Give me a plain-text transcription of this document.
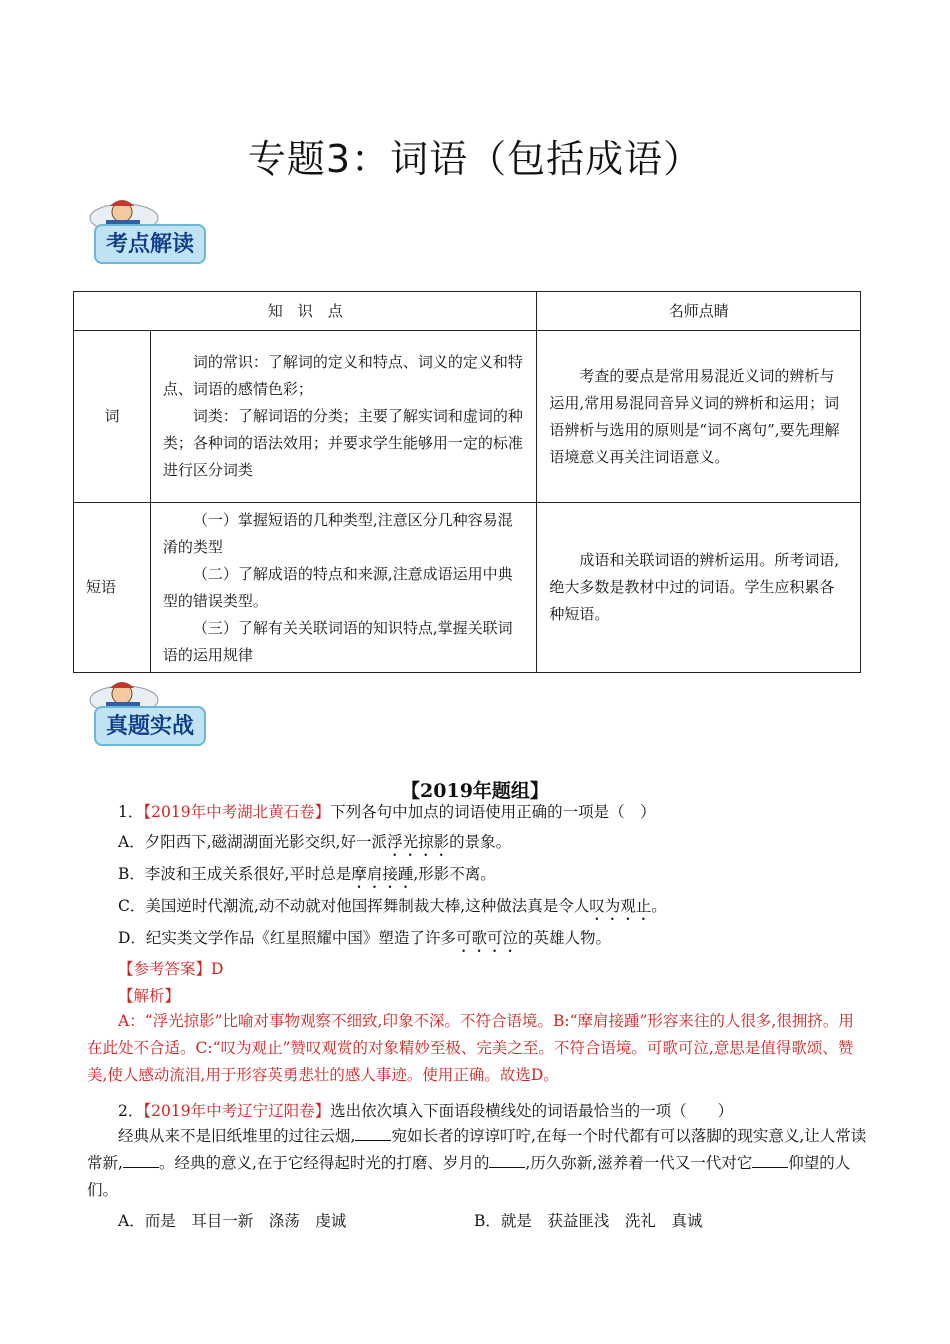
专题3：词语（包括成语）
考点解读
知　识　点		名师点睛
词	词的常识：了解词的定义和特点、词义的定义和特点、词语的感情色彩；

词类：了解词语的分类；主要了解实词和虚词的种类；各种词的语法效用；并要求学生能够用一定的标准进行区分词类	考查的要点是常用易混近义词的辨析与运用,常用易混同音异义词的辨析和运用；词语辨析与选用的原则是“词不离句”,要先理解语境意义再关注词语意义。

短语	（一）掌握短语的几种类型,注意区分几种容易混淆的类型

（二）了解成语的特点和来源,注意成语运用中典型的错误类型。

（三）了解有关关联词语的知识特点,掌握关联词语的运用规律	成语和关联词语的辨析运用。所考词语,绝大多数是教材中过的词语。学生应积累各种短语。

真题实战
【2019年题组】
1．【2019年中考湖北黄石卷】下列各句中加点的词语使用正确的一项是（　）
A．夕阳西下,磁湖湖面光影交织,好一派浮光掠影的景象。
B．李波和王成关系很好,平时总是摩肩接踵,形影不离。
C．美国逆时代潮流,动不动就对他国挥舞制裁大棒,这种做法真是令人叹为观止。
D．纪实类文学作品《红星照耀中国》塑造了许多可歌可泣的英雄人物。
【参考答案】D
【解析】
A：“浮光掠影”比喻对事物观察不细致,印象不深。不符合语境。B:“摩肩接踵”形容来往的人很多,很拥挤。用在此处不合适。C:“叹为观止”赞叹观赏的对象精妙至极、完美之至。不符合语境。可歌可泣,意思是值得歌颂、赞美,使人感动流泪,用于形容英勇悲壮的感人事迹。使用正确。故选D。
2．【2019年中考辽宁辽阳卷】选出依次填入下面语段横线处的词语最恰当的一项（　　）
经典从来不是旧纸堆里的过往云烟, 宛如长者的谆谆叮咛,在每一个时代都有可以落脚的现实意义,让人常读常新, 。经典的意义,在于它经得起时光的打磨、岁月的 ,历久弥新,滋养着一代又一代对它 仰望的人们。
A．而是　耳目一新　涤荡　虔诚	B．就是　获益匪浅　洗礼　真诚
